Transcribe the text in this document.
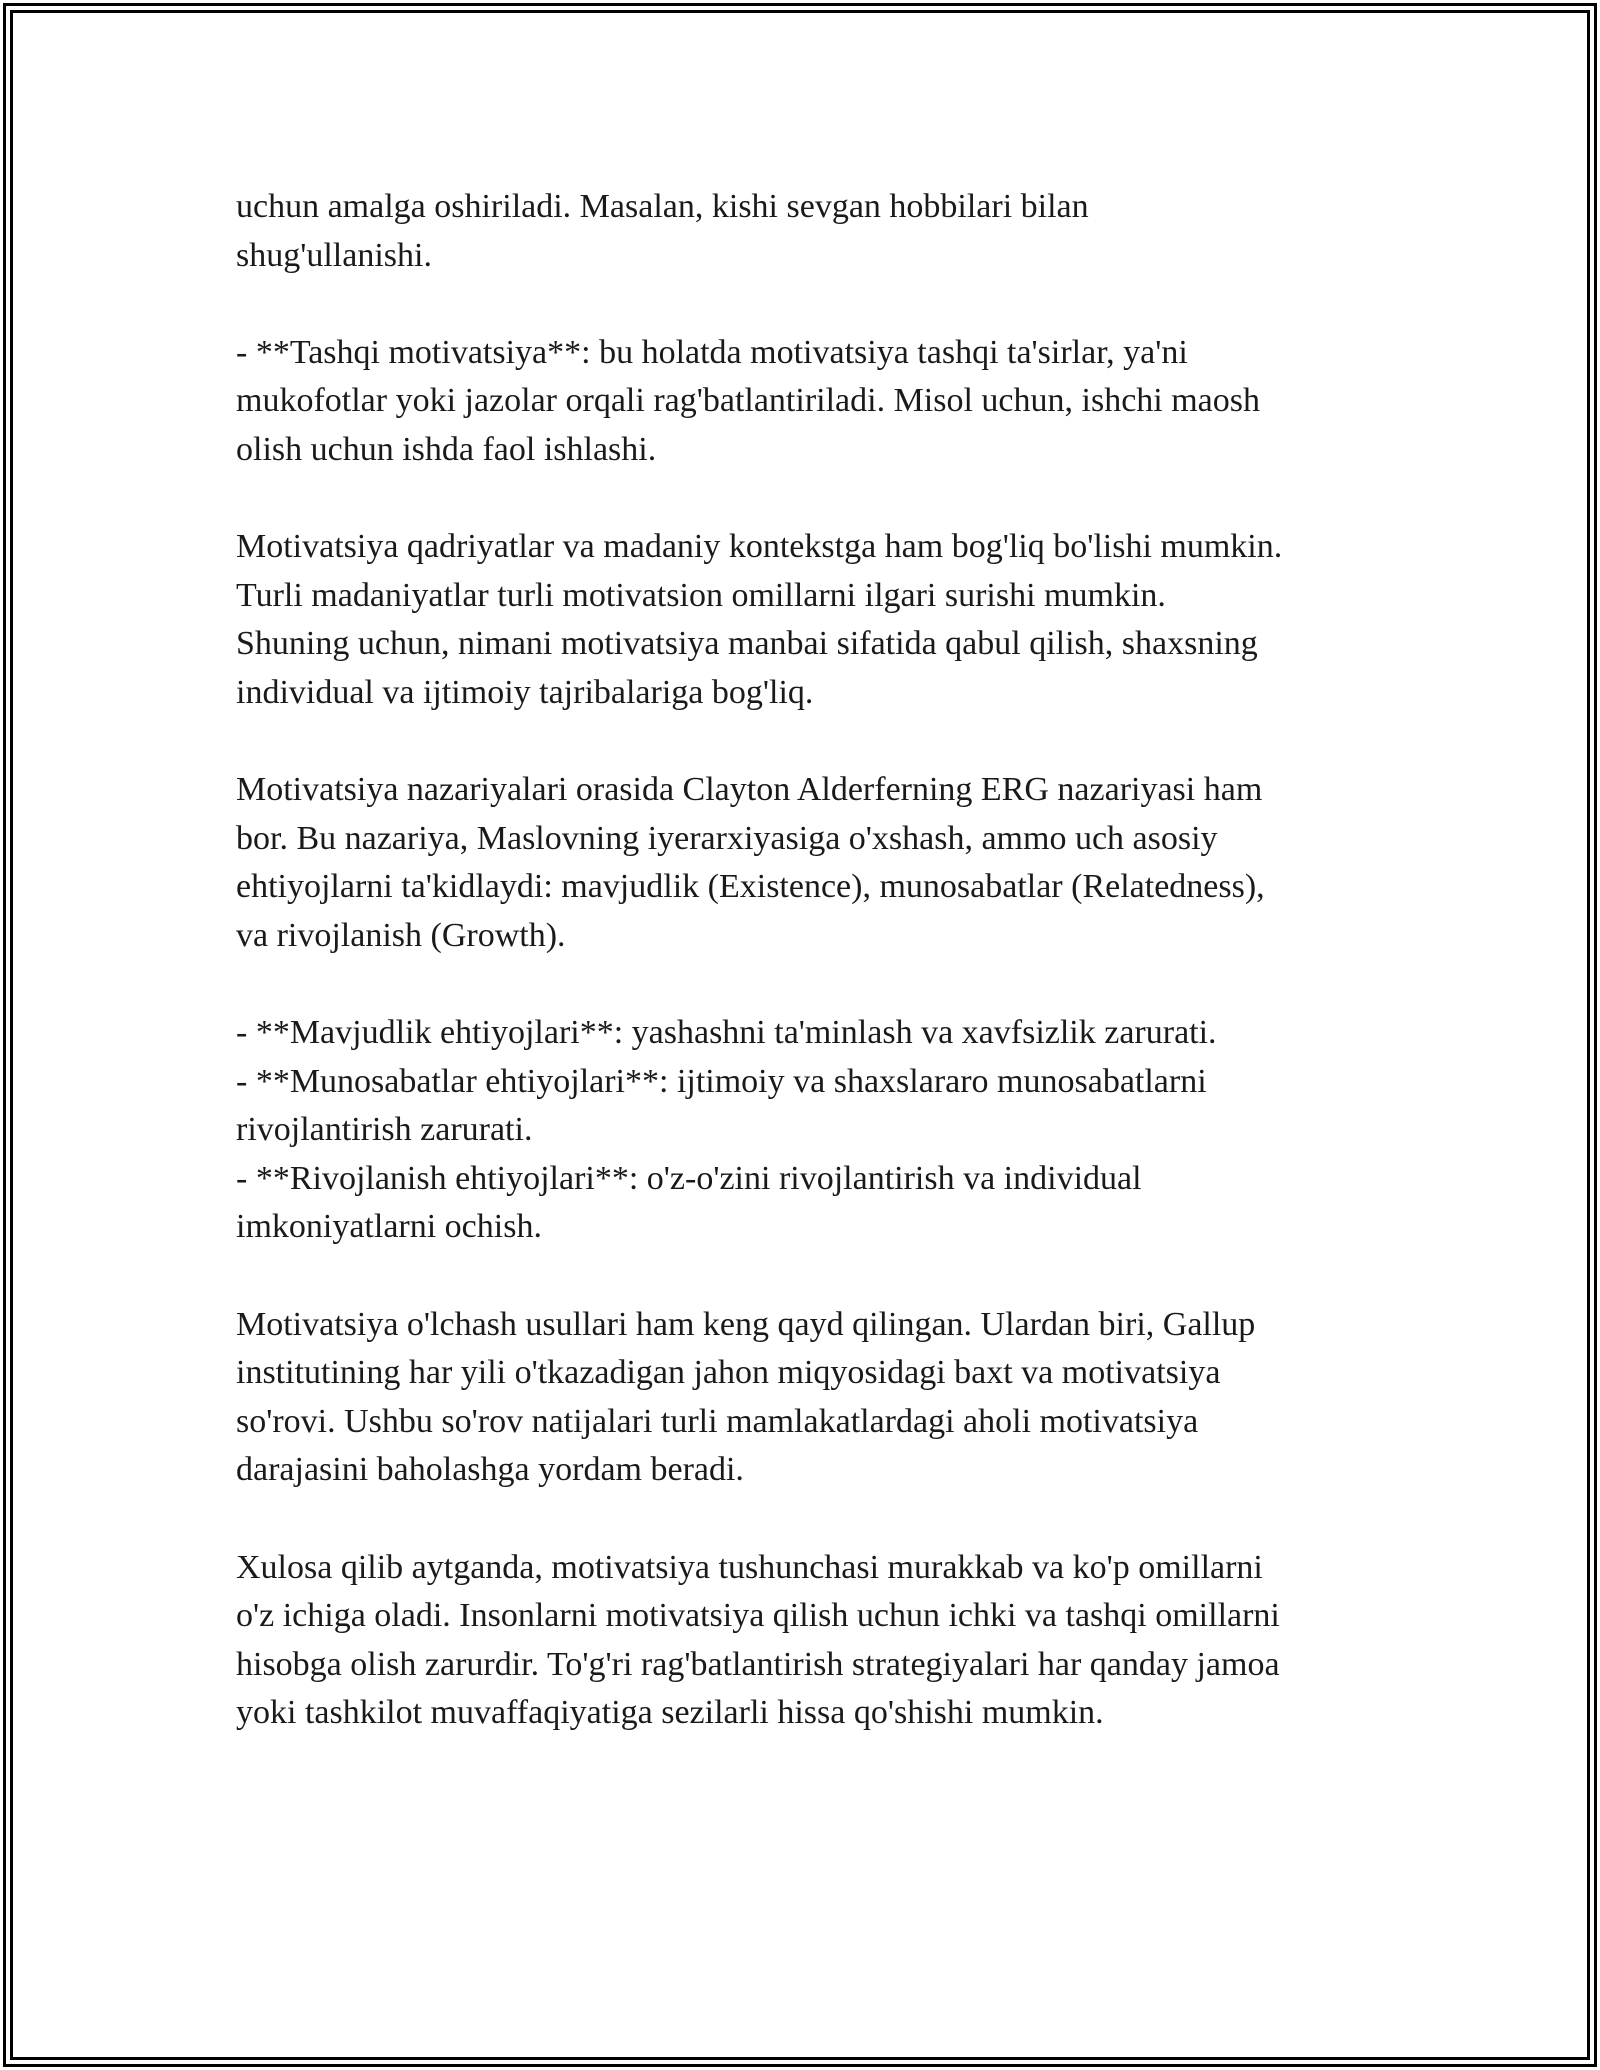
uchun amalga oshiriladi. Masalan, kishi sevgan hobbilari bilan
shug'ullanishi.
- **Tashqi motivatsiya**: bu holatda motivatsiya tashqi ta'sirlar, ya'ni
mukofotlar yoki jazolar orqali rag'batlantiriladi. Misol uchun, ishchi maosh
olish uchun ishda faol ishlashi.
Motivatsiya qadriyatlar va madaniy kontekstga ham bog'liq bo'lishi mumkin.
Turli madaniyatlar turli motivatsion omillarni ilgari surishi mumkin.
Shuning uchun, nimani motivatsiya manbai sifatida qabul qilish, shaxsning
individual va ijtimoiy tajribalariga bog'liq.
Motivatsiya nazariyalari orasida Clayton Alderferning ERG nazariyasi ham
bor. Bu nazariya, Maslovning iyerarxiyasiga o'xshash, ammo uch asosiy
ehtiyojlarni ta'kidlaydi: mavjudlik (Existence), munosabatlar (Relatedness),
va rivojlanish (Growth).
- **Mavjudlik ehtiyojlari**: yashashni ta'minlash va xavfsizlik zarurati.
- **Munosabatlar ehtiyojlari**: ijtimoiy va shaxslararo munosabatlarni
rivojlantirish zarurati.
- **Rivojlanish ehtiyojlari**: o'z-o'zini rivojlantirish va individual
imkoniyatlarni ochish.
Motivatsiya o'lchash usullari ham keng qayd qilingan. Ulardan biri, Gallup
institutining har yili o'tkazadigan jahon miqyosidagi baxt va motivatsiya
so'rovi. Ushbu so'rov natijalari turli mamlakatlardagi aholi motivatsiya
darajasini baholashga yordam beradi.
Xulosa qilib aytganda, motivatsiya tushunchasi murakkab va ko'p omillarni
o'z ichiga oladi. Insonlarni motivatsiya qilish uchun ichki va tashqi omillarni
hisobga olish zarurdir. To'g'ri rag'batlantirish strategiyalari har qanday jamoa
yoki tashkilot muvaffaqiyatiga sezilarli hissa qo'shishi mumkin.
